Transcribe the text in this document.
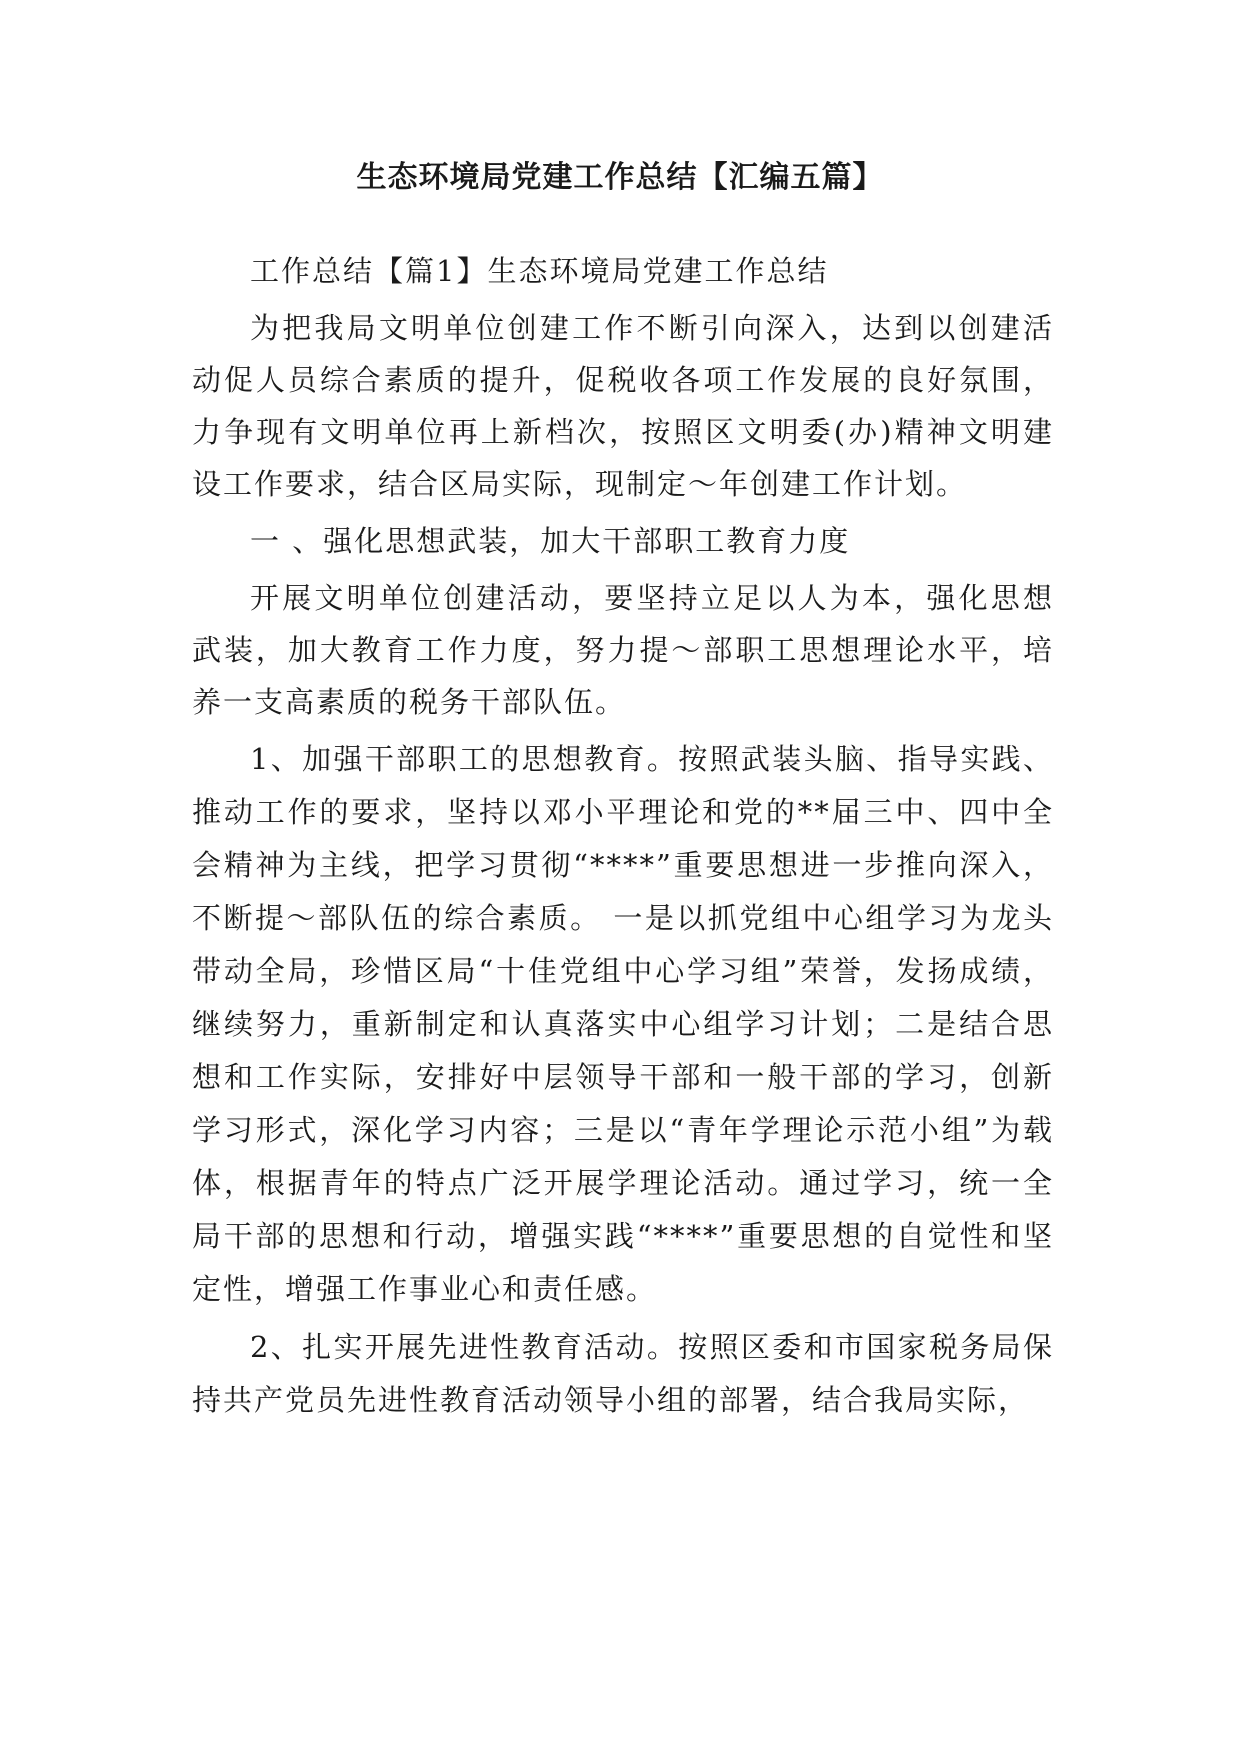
生态环境局党建工作总结【汇编五篇】

工作总结【篇1】生态环境局党建工作总结

为把我局文明单位创建工作不断引向深入，达到以创建活动促人员综合素质的提升，促税收各项工作发展的良好氛围，力争现有文明单位再上新档次，按照区文明委(办)精神文明建设工作要求，结合区局实际，现制定～年创建工作计划。

一 、强化思想武装，加大干部职工教育力度

开展文明单位创建活动，要坚持立足以人为本，强化思想武装，加大教育工作力度，努力提～部职工思想理论水平，培养一支高素质的税务干部队伍。

1、加强干部职工的思想教育。按照武装头脑、指导实践、推动工作的要求，坚持以邓小平理论和党的**届三中、四中全会精神为主线，把学习贯彻“****”重要思想进一步推向深入，不断提～部队伍的综合素质。 一是以抓党组中心组学习为龙头带动全局，珍惜区局“十佳党组中心学习组”荣誉，发扬成绩，继续努力，重新制定和认真落实中心组学习计划；二是结合思想和工作实际，安排好中层领导干部和一般干部的学习，创新学习形式，深化学习内容；三是以“青年学理论示范小组”为载体，根据青年的特点广泛开展学理论活动。通过学习，统一全局干部的思想和行动，增强实践“****”重要思想的自觉性和坚定性，增强工作事业心和责任感。

2、扎实开展先进性教育活动。按照区委和市国家税务局保持共产党员先进性教育活动领导小组的部署，结合我局实际，
